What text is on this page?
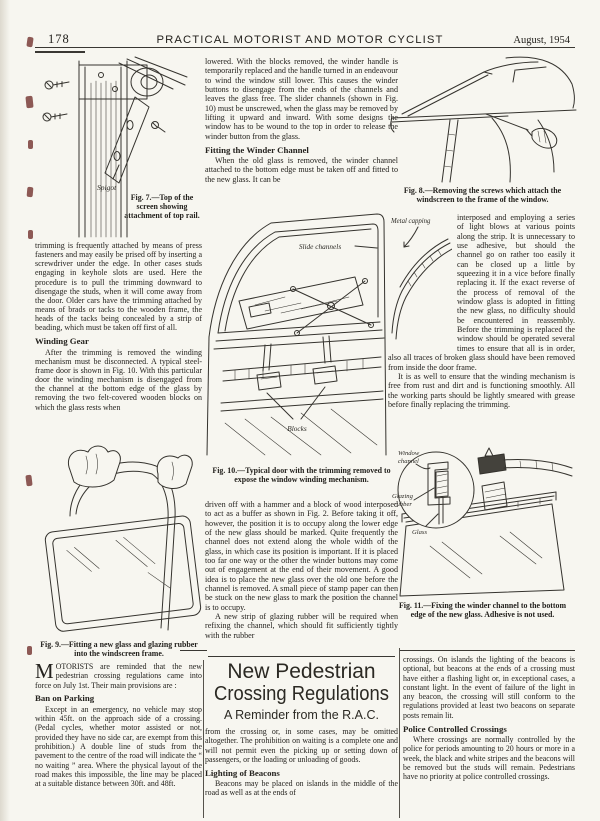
178	PRACTICAL MOTORIST AND MOTOR CYCLIST	August, 1954
Spigot
Fig. 7.—Top of the screen showing attachment of top rail.

trimming is frequently attached by means of press fasteners and may easily be prised off by inserting a screwdriver under the edge. In other cases studs engaging in keyhole slots are used. Here the procedure is to pull the trimming downward to disengage the studs, when it will come away from the door. Older cars have the trimming attached by means of brads or tacks to the wooden frame, the heads of the tacks being concealed by a strip of beading, which must be taken off first of all.

Winding Gear

After the trimming is removed the winding mechanism must be disconnected. A typical steel-frame door is shown in Fig. 10. With this particular door the winding mechanism is disengaged from the channel at the bottom edge of the glass by removing the two felt-covered wooden blocks on which the glass rests when

Fig. 9.—Fitting a new glass and glazing rubber into the windscreen frame.

MOTORISTS are reminded that the new pedestrian crossing regulations came into force on July 1st. Their main provisions are :

Ban on Parking

Except in an emergency, no vehicle may stop within 45ft. on the approach side of a crossing. (Pedal cycles, whether motor assisted or not, provided they have no side car, are exempt from this prohibition.) A double line of studs from the pavement to the centre of the road will indicate the “ no waiting ” area. Where the physical layout of the road makes this impossible, the line may be placed at a suitable distance between 30ft. and 48ft.

lowered. With the blocks removed, the winder handle is temporarily replaced and the handle turned in an endeavour to wind the window still lower. This causes the winder buttons to disengage from the ends of the channels and leaves the glass free. The slider channels (shown in Fig. 10) must be unscrewed, when the glass may be removed by lifting it upward and inward. With some designs the window has to be wound to the top in order to release the winder button from the glass.

Fitting the Winder Channel

When the old glass is removed, the winder channel attached to the bottom edge must be taken off and fitted to the new glass. It can be

Slide channels
Blocks
Fig. 10.—Typical door with the trimming removed to expose the window winding mechanism.

driven off with a hammer and a block of wood interposed to act as a buffer as shown in Fig. 2. Before taking it off, however, the position it is to occupy along the lower edge of the new glass should be marked. Quite frequently the channel does not extend along the whole width of the glass, in which case its position is important. If it is placed too far one way or the other the winder buttons may come out of engagement at the end of their movement. A good idea is to place the new glass over the old one before the channel is removed. A small piece of stamp paper can then be stuck on the new glass to mark the position the channel is to occupy.

A new strip of glazing rubber will be required when refixing the channel, which should fit sufficiently tightly with the rubber

New Pedestrian
Crossing Regulations
A Reminder from the R.A.C.

from the crossing or, in some cases, may be omitted altogether. The prohibition on waiting is a complete one and will not permit even the picking up or setting down of passengers, or the loading or unloading of goods.

Lighting of Beacons

Beacons may be placed on islands in the middle of the road as well as at the ends of

Fig. 8.—Removing the screws which attach the windscreen to the frame of the window.
Metal capping	interposed and employing a series of light blows at various points along the strip. It is unnecessary to use adhesive, but should the channel go on rather too easily it can be closed up a little by squeezing it in a vice before finally replacing it. If the exact reverse of the process of removal of the window glass is adopted in fitting the new glass, no difficulty should be encountered in reassembly. Before the trimming is replaced the window should be operated several times to ensure that all is in order, also all traces of broken glass should have been removed from inside the door frame.

It is as well to ensure that the winding mechanism is free from rust and dirt and is functioning smoothly. All the working parts should be lightly smeared with grease before finally replacing the trimming.

Window channel
Glazing rubber
Glass
Fig. 11.—Fixing the winder channel to the bottom edge of the new glass. Adhesive is not used.

crossings. On islands the lighting of the beacons is optional, but beacons at the ends of a crossing must have either a flashing light or, in exceptional cases, a constant light. In the event of failure of the light in any beacon, the crossing will still conform to the regulations provided at least two beacons on separate posts remain lit.

Police Controlled Crossings

Where crossings are normally controlled by the police for periods amounting to 20 hours or more in a week, the black and white stripes and the beacons will be removed but the studs will remain. Pedestrians have no priority at police controlled crossings.
